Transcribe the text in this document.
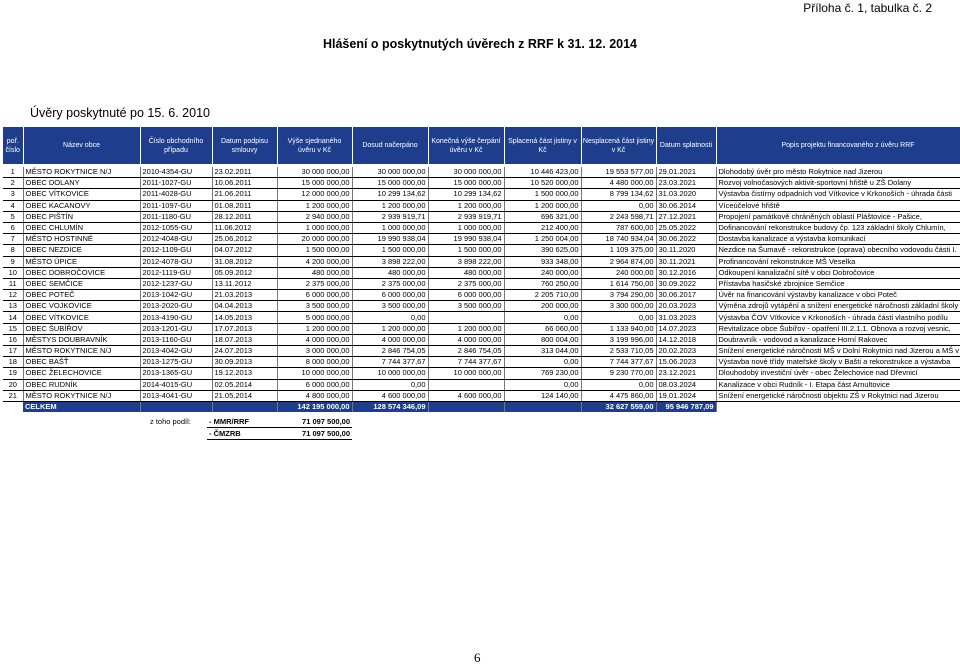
Příloha č. 1, tabulka č. 2
Hlášení o poskytnutých úvěrech z RRF k 31. 12. 2014
Úvěry poskytnuté po 15. 6. 2010
poř. číslo	Název obce	Číslo obchodního případu	Datum podpisu smlouvy	Výše sjednaného úvěru v Kč	Dosud načerpáno	Konečná výše čerpání úvěru v Kč	Splacená část jistiny v Kč	Nesplacená část jistiny v Kč	Datum splatnosti	Popis projektu financovaného z úvěru RRF

1	MĚSTO ROKYTNICE N/J	2010-4354-GU	23.02.2011	30 000 000,00	30 000 000,00	30 000 000,00	10 446 423,00	19 553 577,00	29.01.2021	Dlohodobý úvěr pro město Rokytnice nad Jizerou
2	OBEC DOLANY	2011-1027-GU	10.06.2011	15 000 000,00	15 000 000,00	15 000 000,00	10 520 000,00	4 480 000,00	23.03.2021	Rozvoj volnočasových aktivit-sportovní hřiště u ZŠ Dolany
3	OBEC VÍTKOVICE	2011-4028-GU	21.06.2011	12 000 000,00	10 299 134,62	10 299 134,62	1 500 000,00	8 799 134,62	31.03.2020	Výstavba čistírny odpadních vod Vítkovice v Krkonoších - úhrada části
4	OBEC KACANOVY	2011-1097-GU	01.08.2011	1 200 000,00	1 200 000,00	1 200 000,00	1 200 000,00	0,00	30.06.2014	Víceúčelové hřiště
5	OBEC PIŠTÍN	2011-1180-GU	28.12.2011	2 940 000,00	2 939 919,71	2 939 919,71	696 321,00	2 243 598,71	27.12.2021	Propojení památkově chráněných oblastí Pláštovice - Pašice,
6	OBEC CHLUMÍN	2012-1055-GU	11.06.2012	1 000 000,00	1 000 000,00	1 000 000,00	212 400,00	787 600,00	25.05.2022	Dofinancování rekonstrukce budovy čp. 123 základní školy Chlumín,
7	MĚSTO HOSTINNÉ	2012-4048-GU	25.06.2012	20 000 000,00	19 990 938,04	19 990 938,04	1 250 004,00	18 740 934,04	30.06.2022	Dostavba kanalizace a výstavba komunikací
8	OBEC NEZDICE	2012-1109-GU	04.07.2012	1 500 000,00	1 500 000,00	1 500 000,00	390 625,00	1 109 375,00	30.11.2020	Nezdice na Šumavě - rekonstrukce (oprava) obecního vodovodu části I.
9	MĚSTO ÚPICE	2012-4078-GU	31.08.2012	4 200 000,00	3 898 222,00	3 898 222,00	933 348,00	2 964 874,00	30.11.2021	Profinancování rekonstrukce MŠ Veselka
10	OBEC DOBROČOVICE	2012-1119-GU	05.09.2012	480 000,00	480 000,00	480 000,00	240 000,00	240 000,00	30.12.2016	Odkoupení kanalizační sítě v obci Dobročovice
11	OBEC SEMČICE	2012-1237-GU	13.11.2012	2 375 000,00	2 375 000,00	2 375 000,00	760 250,00	1 614 750,00	30.09.2022	Přístavba hasičské zbrojnice Semčice
12	OBEC POTEČ	2013-1042-GU	21.03.2013	6 000 000,00	6 000 000,00	6 000 000,00	2 205 710,00	3 794 290,00	30.06.2017	Úvěr na financování výstavby kanalizace v obci Poteč
13	OBEC VOJKOVICE	2013-2020-GU	04.04.2013	3 500 000,00	3 500 000,00	3 500 000,00	200 000,00	3 300 000,00	20.03.2023	Výměna zdrojů vytápění a snížení energetické náročnosti základní školy
14	OBEC VÍTKOVICE	2013-4190-GU	14.05.2013	5 000 000,00	0,00		0,00	0,00	31.03.2023	Výstavba ČOV Vítkovice v Krkonoších - úhrada části vlastního podílu
15	OBEC ŠUBÍŘOV	2013-1201-GU	17.07.2013	1 200 000,00	1 200 000,00	1 200 000,00	66 060,00	1 133 940,00	14.07.2023	Revitalizace obce Šubířov - opatření III.2.1.1. Obnova a rozvoj vesnic,
16	MĚSTYS DOUBRAVNÍK	2013-1160-GU	18.07.2013	4 000 000,00	4 000 000,00	4 000 000,00	800 004,00	3 199 996,00	14.12.2018	Doubravník - vodovod a kanalizace Horní Rakovec
17	MĚSTO ROKYTNICE N/J	2013-4042-GU	24.07.2013	3 000 000,00	2 846 754,05	2 846 754,05	313 044,00	2 533 710,05	20.02.2023	Snížení energetické náročnosti MŠ v Dolní Rokytnici nad Jizerou a MŠ v
18	OBEC BAŠŤ	2013-1275-GU	30.09.2013	8 000 000,00	7 744 377,67	7 744 377,67	0,00	7 744 377,67	15.06.2023	Výstavba nové třídy mateřské školy v Bašti a rekonstrukce a výstavba
19	OBEC ŽELECHOVICE	2013-1365-GU	19.12.2013	10 000 000,00	10 000 000,00	10 000 000,00	769 230,00	9 230 770,00	23.12.2021	Dlouhodobý investiční úvěr - obec Želechovice nad Dřevnicí
20	OBEC RUDNÍK	2014-4015-GU	02.05.2014	6 000 000,00	0,00		0,00	0,00	08.03.2024	Kanalizace v obci Rudník - I. Etapa část Arnultovice
21	MĚSTO ROKYTNICE N/J	2013-4041-GU	21.05.2014	4 800 000,00	4 600 000,00	4 600 000,00	124 140,00	4 475 860,00	19.01.2024	Snížení energetické náročnosti objektu ZŠ v Rokytnici nad Jizerou
	CELKEM			142 195 000,00	128 574 346,09			32 627 559,00	95 946 787,09	
z toho podíl: - MMR/RRF	71 097 500,00
- ČMZRB	71 097 500,00
6
